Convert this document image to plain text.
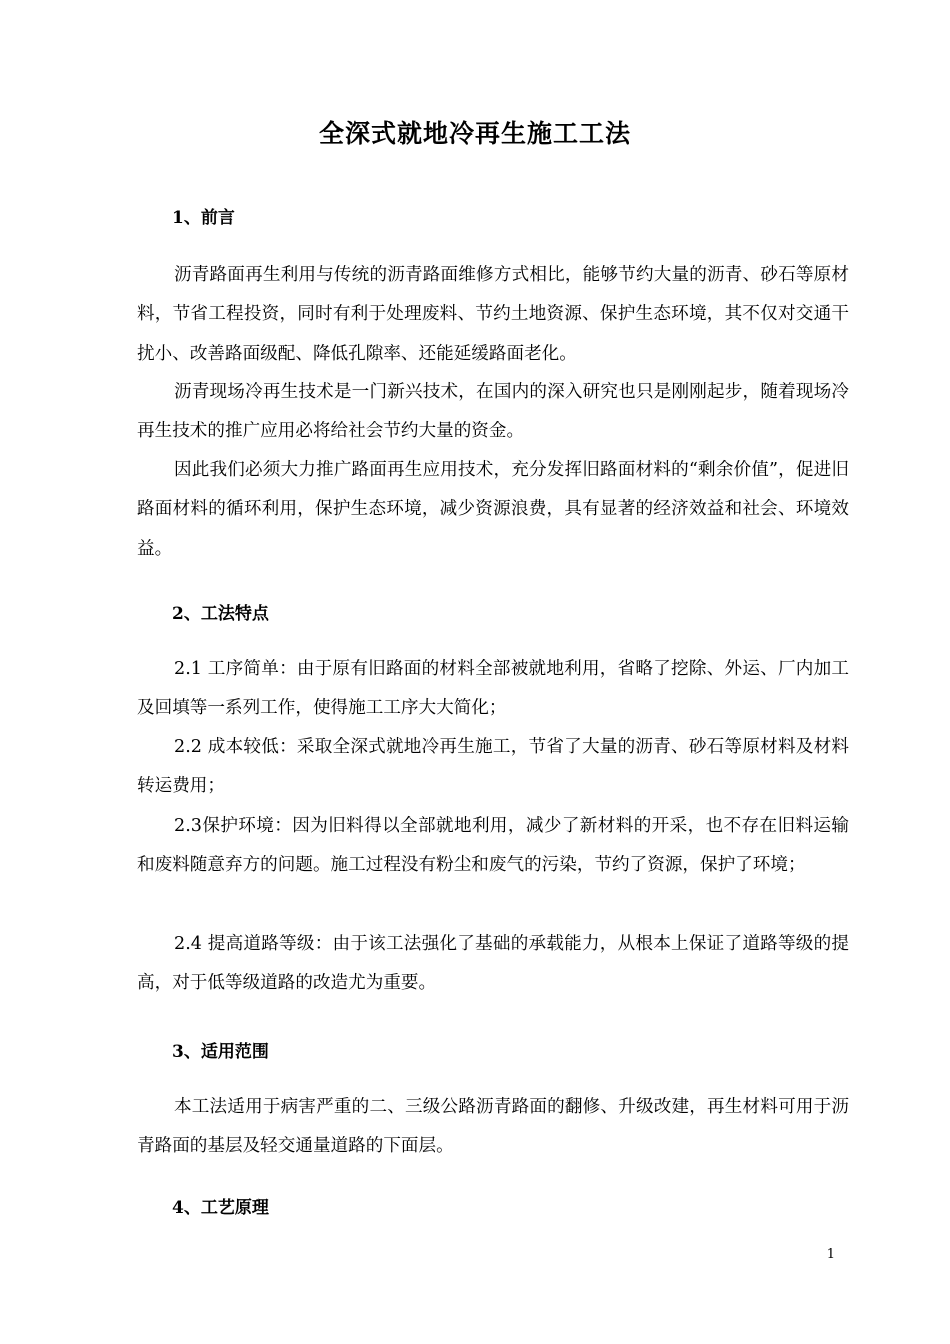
全深式就地冷再生施工工法
1、前言

沥青路面再生利用与传统的沥青路面维修方式相比，能够节约大量的沥青、砂石等原材料，节省工程投资，同时有利于处理废料、节约土地资源、保护生态环境，其不仅对交通干扰小、改善路面级配、降低孔隙率、还能延缓路面老化。

沥青现场冷再生技术是一门新兴技术，在国内的深入研究也只是刚刚起步，随着现场冷再生技术的推广应用必将给社会节约大量的资金。

因此我们必须大力推广路面再生应用技术，充分发挥旧路面材料的“剩余价值”，促进旧路面材料的循环利用，保护生态环境，减少资源浪费，具有显著的经济效益和社会、环境效益。

2、工法特点

2.1 工序简单：由于原有旧路面的材料全部被就地利用，省略了挖除、外运、厂内加工及回填等一系列工作，使得施工工序大大简化；

2.2 成本较低：采取全深式就地冷再生施工，节省了大量的沥青、砂石等原材料及材料转运费用；

2.3保护环境：因为旧料得以全部就地利用，减少了新材料的开采，也不存在旧料运输和废料随意弃方的问题。施工过程没有粉尘和废气的污染，节约了资源，保护了环境；

2.4 提高道路等级：由于该工法强化了基础的承载能力，从根本上保证了道路等级的提高，对于低等级道路的改造尤为重要。

3、适用范围

本工法适用于病害严重的二、三级公路沥青路面的翻修、升级改建，再生材料可用于沥青路面的基层及轻交通量道路的下面层。

4、工艺原理
1
